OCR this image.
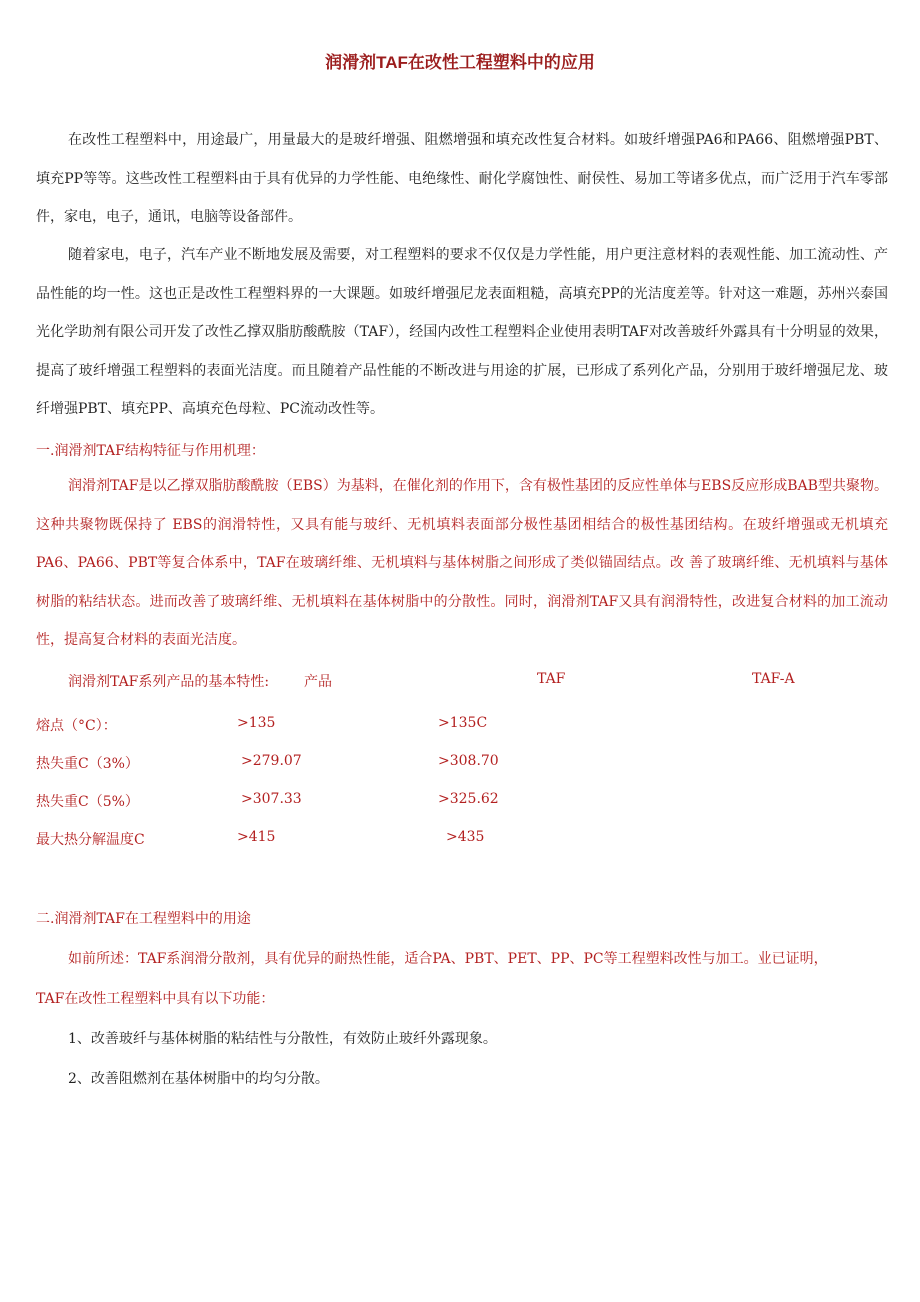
润滑剂TAF在改性工程塑料中的应用

在改性工程塑料中，用途最广，用量最大的是玻纤增强、阻燃增强和填充改性复合材料。如玻纤增强PA6和PA66、阻燃增强PBT、填充PP等等。这些改性工程塑料由于具有优异的力学性能、电绝缘性、耐化学腐蚀性、耐侯性、易加工等诸多优点，而广泛用于汽车零部件，家电，电子，通讯，电脑等设备部件。

随着家电，电子，汽车产业不断地发展及需要，对工程塑料的要求不仅仅是力学性能，用户更注意材料的表观性能、加工流动性、产品性能的均一性。这也正是改性工程塑料界的一大课题。如玻纤增强尼龙表面粗糙，高填充PP的光洁度差等。针对这一难题，苏州兴泰国光化学助剂有限公司开发了改性乙撑双脂肪酸酰胺（TAF），经国内改性工程塑料企业使用表明TAF对改善玻纤外露具有十分明显的效果，提高了玻纤增强工程塑料的表面光洁度。而且随着产品性能的不断改进与用途的扩展，已形成了系列化产品，分别用于玻纤增强尼龙、玻纤增强PBT、填充PP、高填充色母粒、PC流动改性等。

一.润滑剂TAF结构特征与作用机理：

润滑剂TAF是以乙撑双脂肪酸酰胺（EBS）为基料，在催化剂的作用下，含有极性基团的反应性单体与EBS反应形成BAB型共聚物。这种共聚物既保持了 EBS的润滑特性，又具有能与玻纤、无机填料表面部分极性基团相结合的极性基团结构。在玻纤增强或无机填充PA6、PA66、PBT等复合体系中，TAF在玻璃纤维、无机填料与基体树脂之间形成了类似锚固结点。改 善了玻璃纤维、无机填料与基体树脂的粘结状态。进而改善了玻璃纤维、无机填料在基体树脂中的分散性。同时，润滑剂TAF又具有润滑特性，改进复合材料的加工流动性，提高复合材料的表面光洁度。

润滑剂TAF系列产品的基本特性: 产品	TAF	TAF-A
熔点（°C）：	>135	>135C
热失重C（3%）	>279.07	>308.70
热失重C（5%）	>307.33	>325.62
最大热分解温度C	>415	>435

二.润滑剂TAF在工程塑料中的用途

如前所述：TAF系润滑分散剂，具有优异的耐热性能，适合PA、PBT、PET、PP、PC等工程塑料改性与加工。业已证明，

TAF在改性工程塑料中具有以下功能：

1、改善玻纤与基体树脂的粘结性与分散性，有效防止玻纤外露现象。

2、改善阻燃剂在基体树脂中的均匀分散。
